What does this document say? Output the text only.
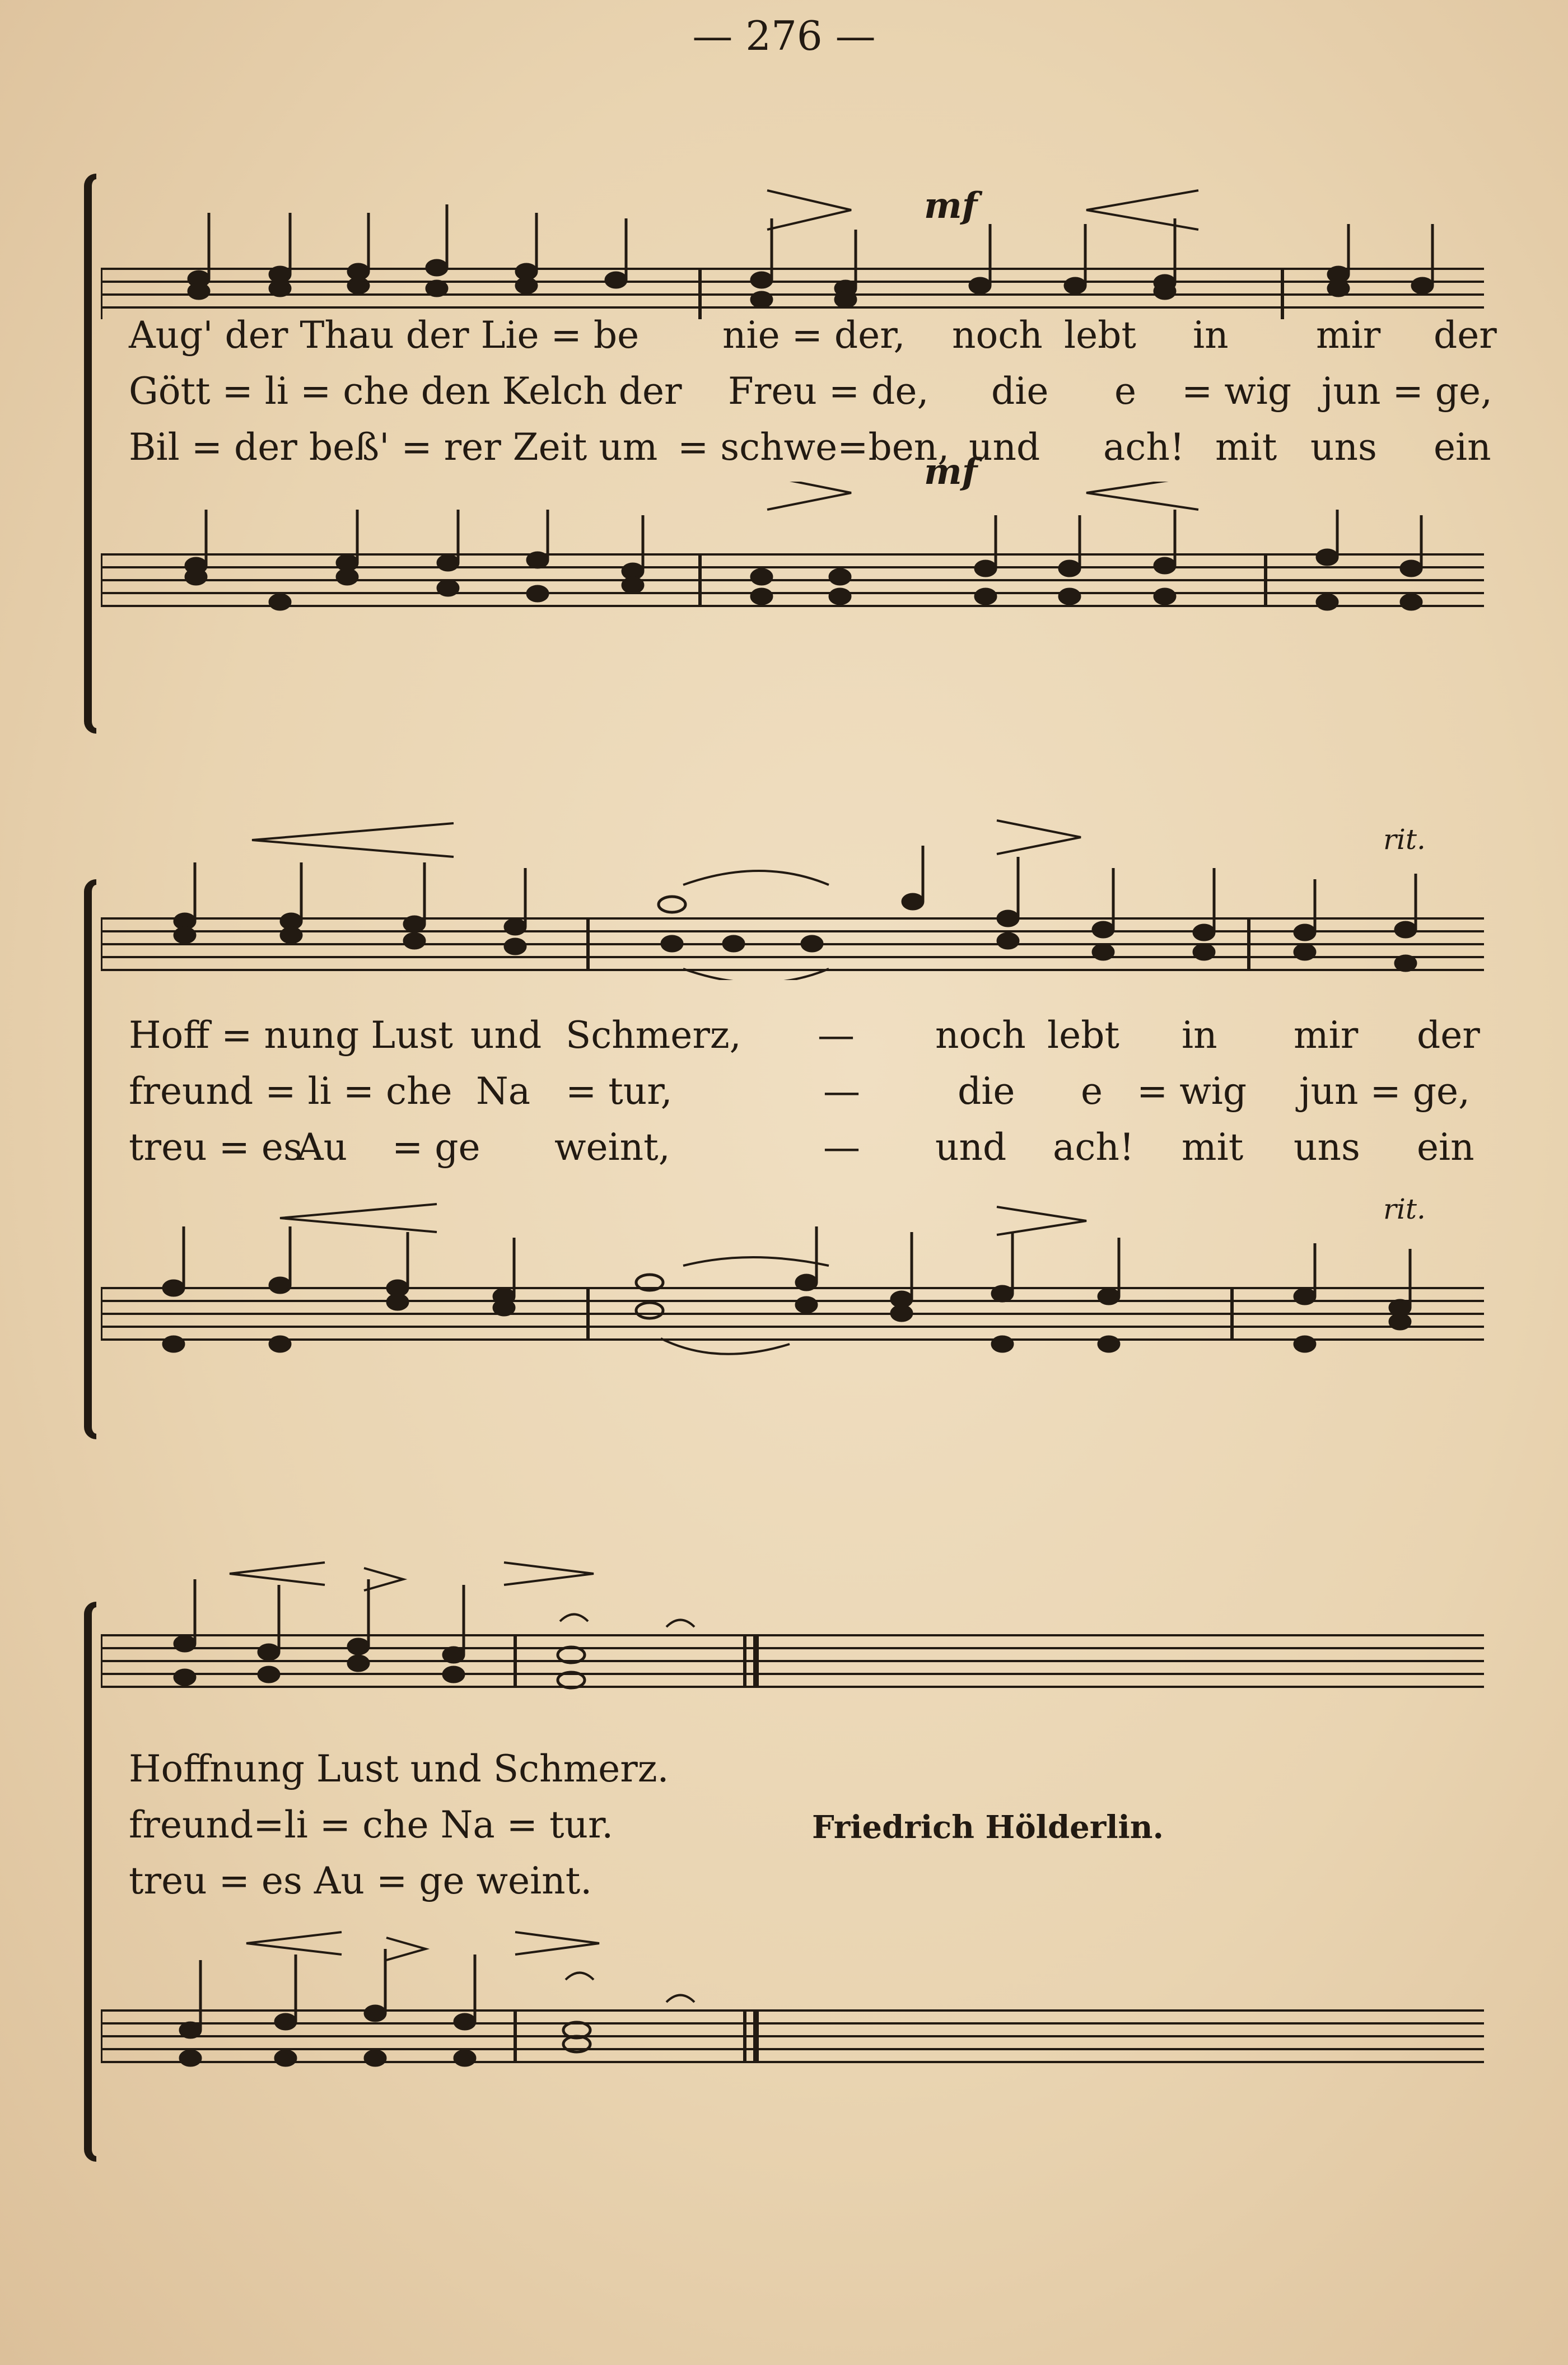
— 276 —
mf

Aug' der Thau der Lie = be

nie = der,

noch

lebt

in

mir

der

Gött = li = che den Kelch der

Freu = de,

die

e

= wig

jun = ge,

Bil = der beß' = rer Zeit um

= schwe=ben,

und

ach!

mit

uns

ein

mf
rit.

Hoff = nung Lust

und

Schmerz,

—

noch

lebt

in

mir

der

freund = li = che

Na

= tur,

	—

	die

e

= wig

jun = ge,

treu = es

Au

= ge

weint,

	—

und

ach!

mit

uns

ein

rit.

Hoffnung Lust und Schmerz.

freund=li = che Na = tur.

treu = es Au = ge weint.

Friedrich Hölderlin.
